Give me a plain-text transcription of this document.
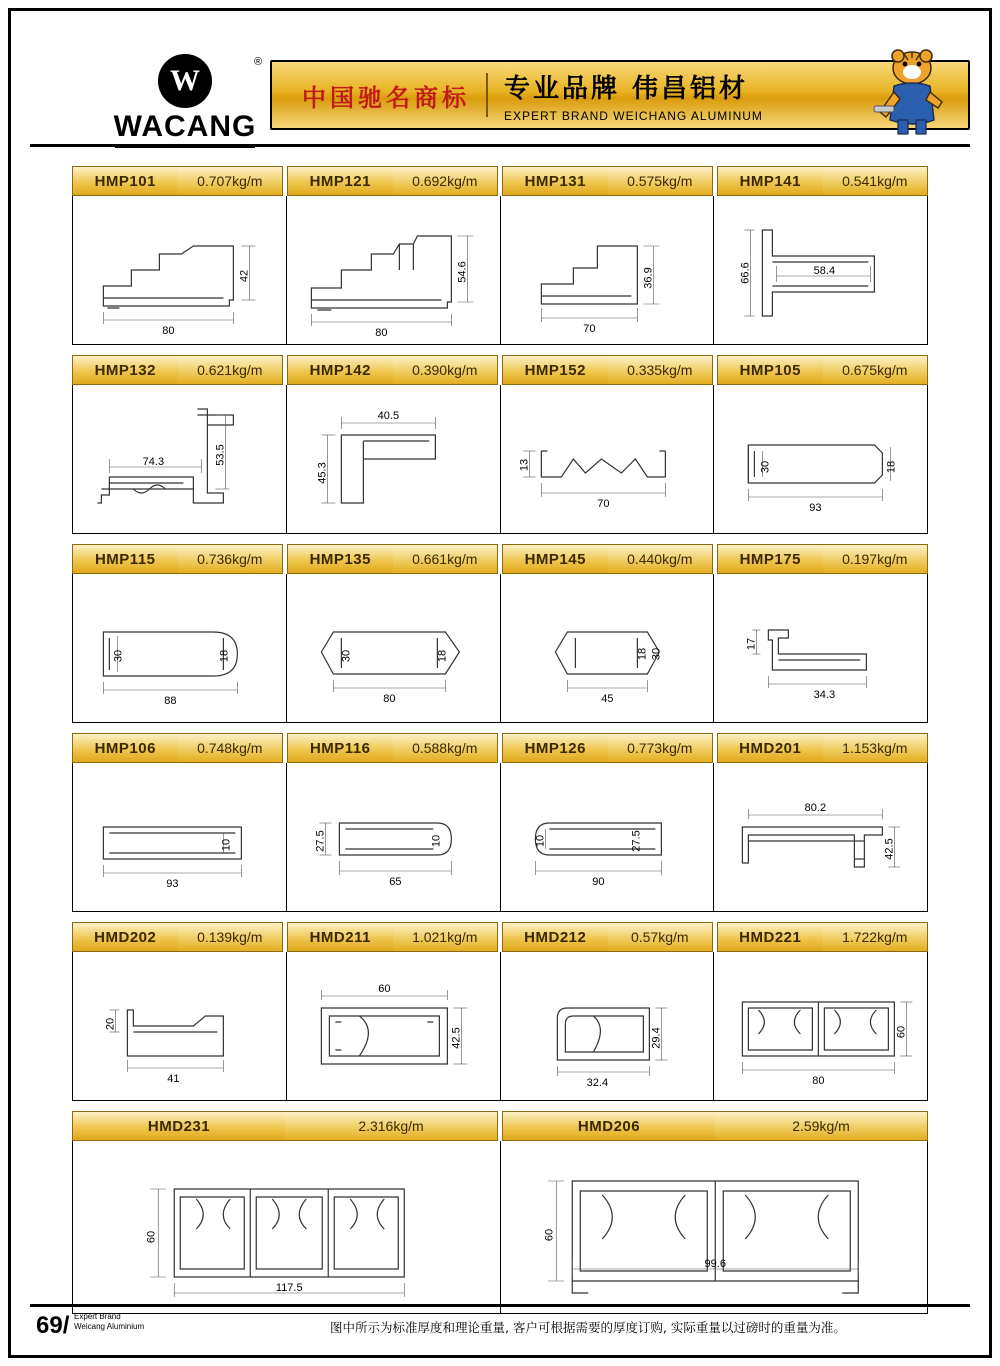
W
®
WACANG
中国驰名商标 专业品牌 伟昌铝材
EXPERT BRAND WEICHANG ALUMINUM
HMP101	0.707kg/m	HMP121	0.692kg/m	HMP131	0.575kg/m	HMP141	0.541kg/m
42
80
54.6
80
36.9
70
66.6	58.4
HMP132	0.621kg/m	HMP142	0.390kg/m	HMP152	0.335kg/m	HMP105	0.675kg/m
53.5
74.3
40.5
45.3	13
70
30	18
93
HMP115	0.736kg/m	HMP135	0.661kg/m	HMP145	0.440kg/m	HMP175	0.197kg/m
30	18
88
30	18
80
18 30
45
17
34.3
HMP106	0.748kg/m	HMP116	0.588kg/m	HMP126	0.773kg/m	HMD201	1.153kg/m
10
93
27.5	10
65
10	27.5
90
80.2
42.5
HMD202	0.139kg/m	HMD211	1.021kg/m	HMD212	0.57kg/m	HMD221	1.722kg/m
20
41
60
42.5	29.4
32.4
60
80
HMD231	2.316kg/m	HMD206	2.59kg/m
60
117.5
60
99.6
69/ Expert Brand
Weicang Aluminium	图中所示为标准厚度和理论重量, 客户可根据需要的厚度订购, 实际重量以过磅时的重量为准。
